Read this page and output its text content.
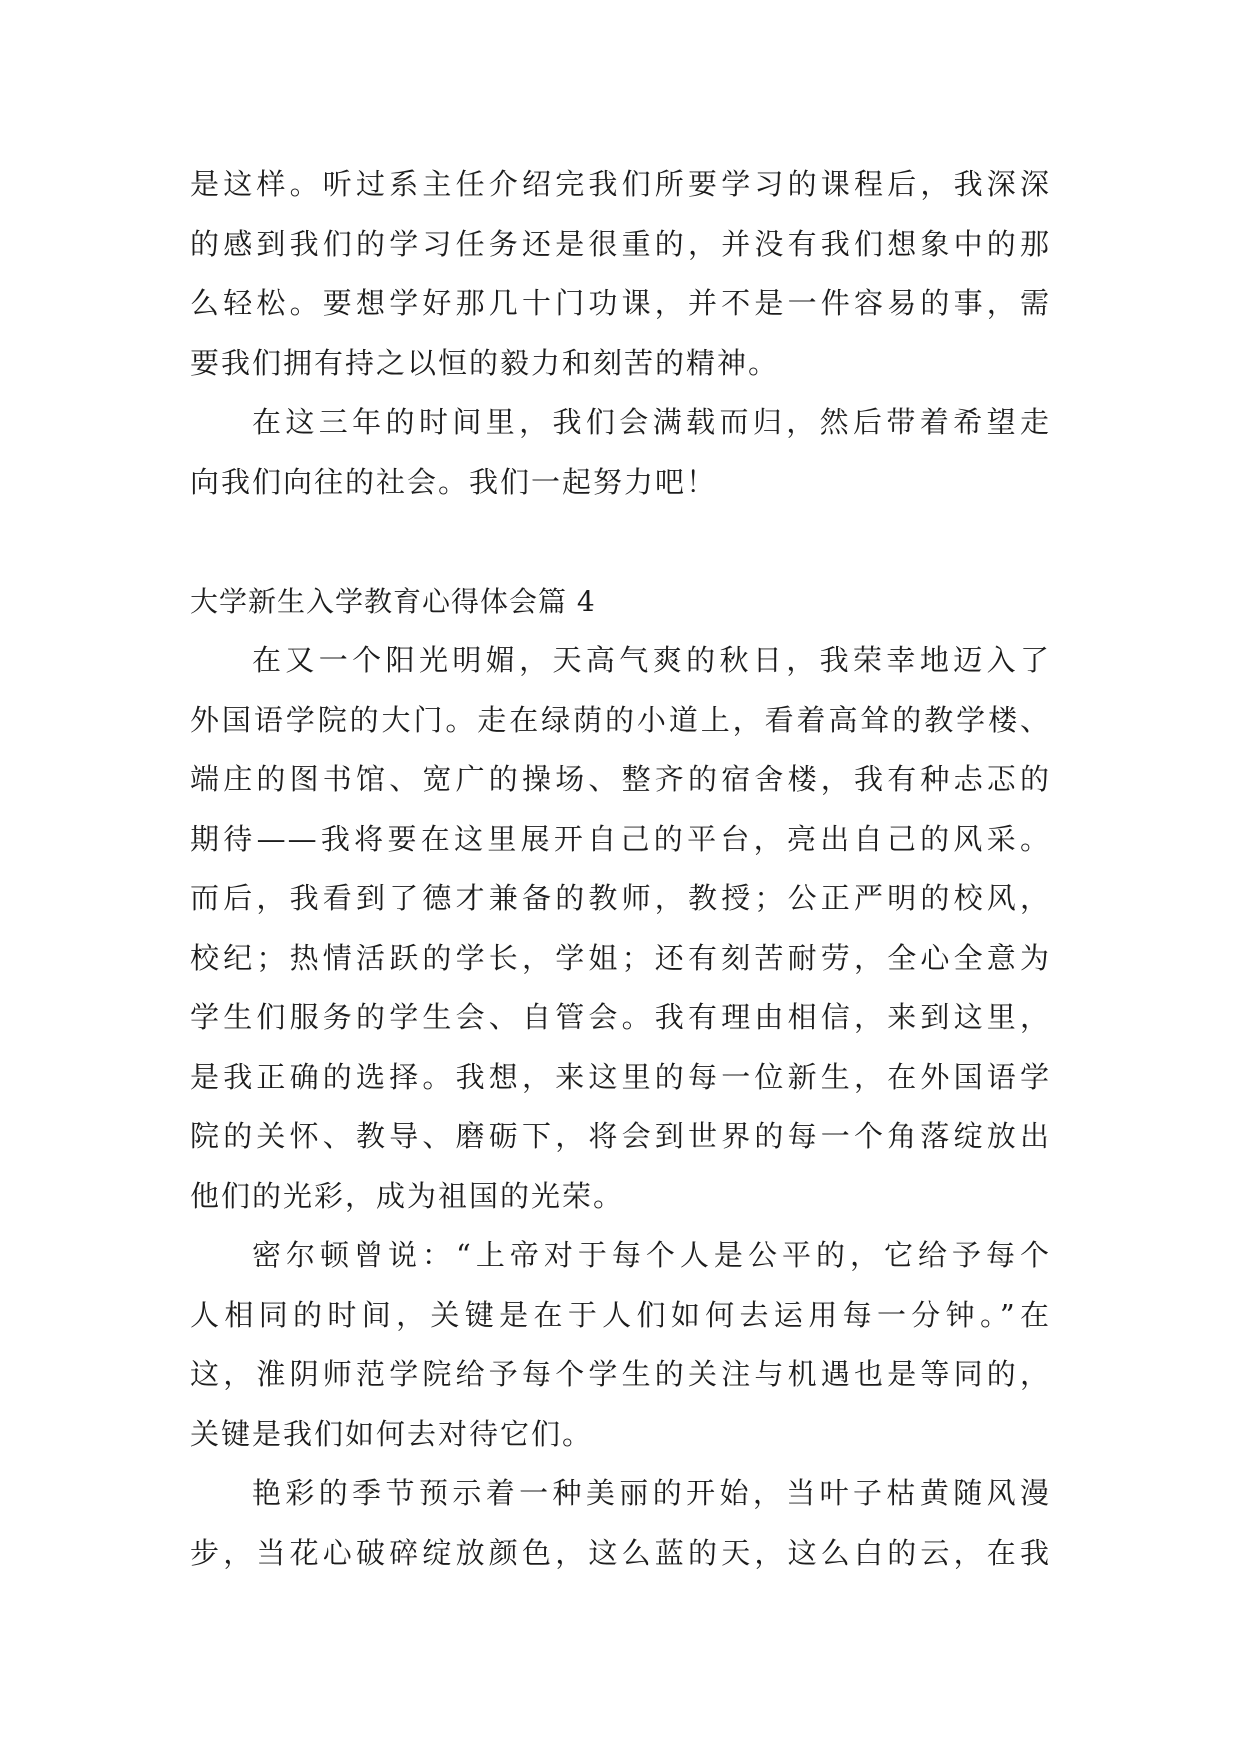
是这样。听过系主任介绍完我们所要学习的课程后，我深深
的感到我们的学习任务还是很重的，并没有我们想象中的那
么轻松。要想学好那几十门功课，并不是一件容易的事，需
要我们拥有持之以恒的毅力和刻苦的精神。
在这三年的时间里，我们会满载而归，然后带着希望走
向我们向往的社会。我们一起努力吧！
大学新生入学教育心得体会篇 4
在又一个阳光明媚，天高气爽的秋日，我荣幸地迈入了
外国语学院的大门。走在绿荫的小道上，看着高耸的教学楼、
端庄的图书馆、宽广的操场、整齐的宿舍楼，我有种忐忑的
期待——我将要在这里展开自己的平台，亮出自己的风采。
而后，我看到了德才兼备的教师，教授；公正严明的校风，
校纪；热情活跃的学长，学姐；还有刻苦耐劳，全心全意为
学生们服务的学生会、自管会。我有理由相信，来到这里，
是我正确的选择。我想，来这里的每一位新生，在外国语学
院的关怀、教导、磨砺下，将会到世界的每一个角落绽放出
他们的光彩，成为祖国的光荣。
密尔顿曾说：“上帝对于每个人是公平的，它给予每个
人相同的时间，关键是在于人们如何去运用每一分钟。”在
这，淮阴师范学院给予每个学生的关注与机遇也是等同的，
关键是我们如何去对待它们。
艳彩的季节预示着一种美丽的开始，当叶子枯黄随风漫
步，当花心破碎绽放颜色，这么蓝的天，这么白的云，在我
